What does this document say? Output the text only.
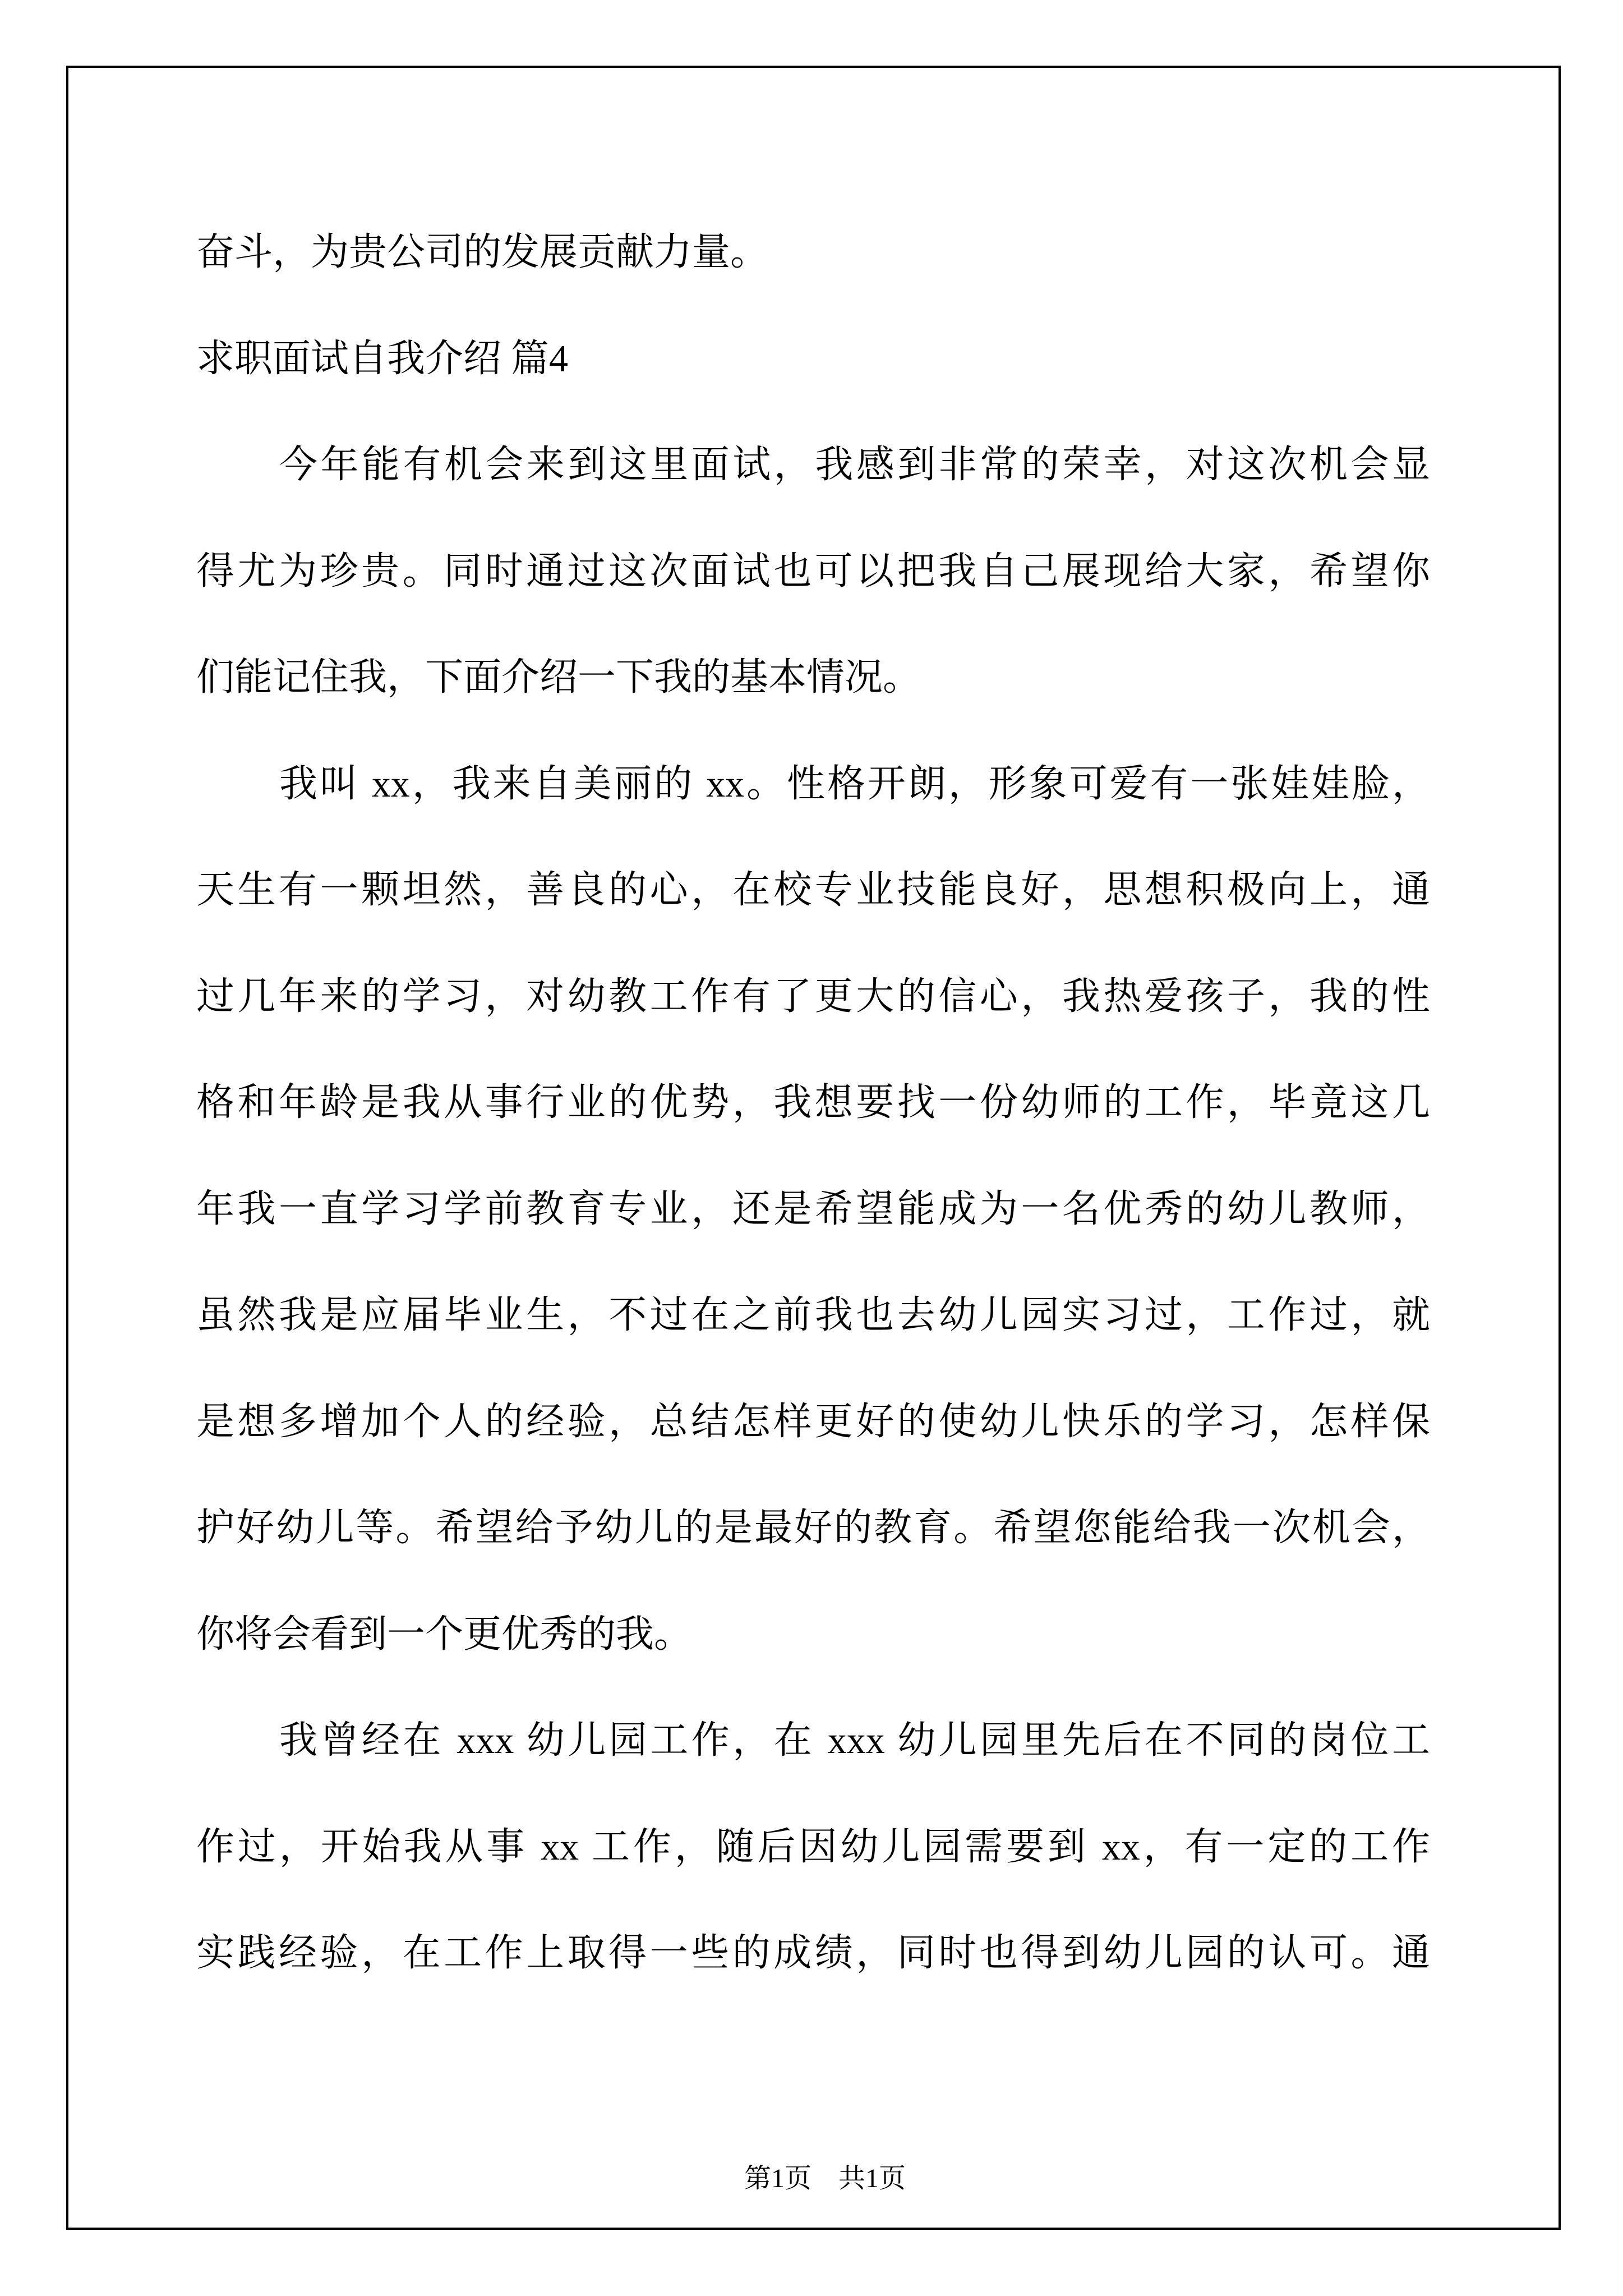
奋斗，为贵公司的发展贡献力量。
求职面试自我介绍 篇4
今年能有机会来到这里面试，我感到非常的荣幸，对这次机会显
得尤为珍贵。同时通过这次面试也可以把我自己展现给大家，希望你
们能记住我，下面介绍一下我的基本情况。
我叫 xx，我来自美丽的 xx。性格开朗，形象可爱有一张娃娃脸，
天生有一颗坦然，善良的心，在校专业技能良好，思想积极向上，通
过几年来的学习，对幼教工作有了更大的信心，我热爱孩子，我的性
格和年龄是我从事行业的优势，我想要找一份幼师的工作，毕竟这几
年我一直学习学前教育专业，还是希望能成为一名优秀的幼儿教师，
虽然我是应届毕业生，不过在之前我也去幼儿园实习过，工作过，就
是想多增加个人的经验，总结怎样更好的使幼儿快乐的学习，怎样保
护好幼儿等。希望给予幼儿的是最好的教育。希望您能给我一次机会，
你将会看到一个更优秀的我。
我曾经在 xxx 幼儿园工作，在 xxx 幼儿园里先后在不同的岗位工
作过，开始我从事 xx 工作，随后因幼儿园需要到 xx，有一定的工作
实践经验，在工作上取得一些的成绩，同时也得到幼儿园的认可。通

第1页　共1页
